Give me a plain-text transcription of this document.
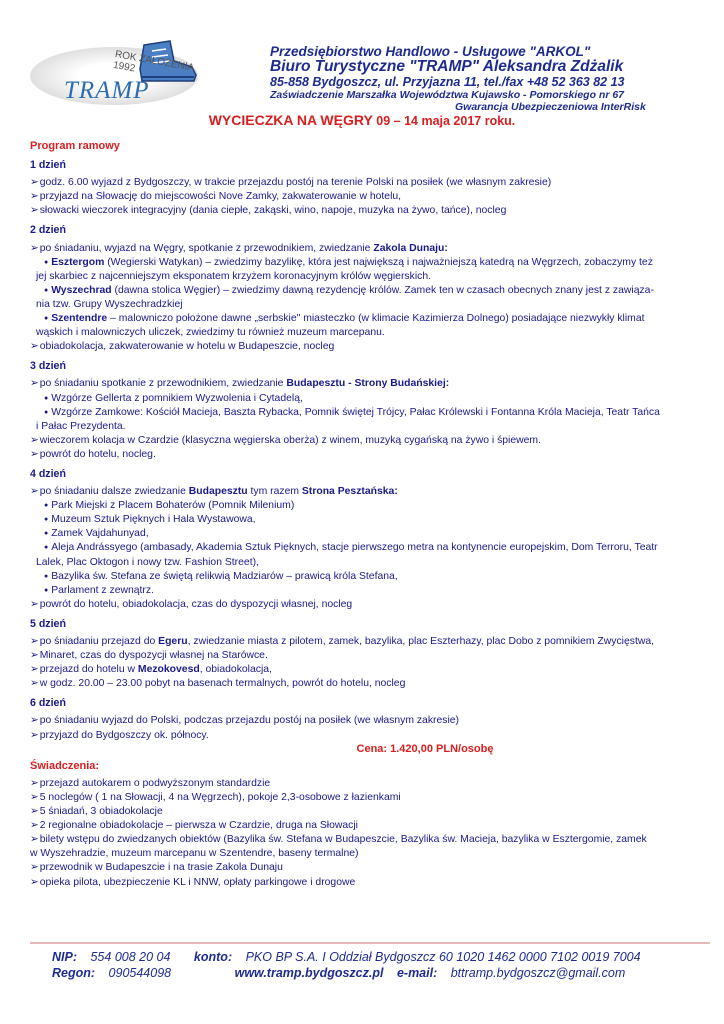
ROK ZAŁOŻENIA 1992
TRAMP
Przedsiębiorstwo Handlowo - Usługowe "ARKOL"
Biuro Turystyczne "TRAMP" Aleksandra Zdżalik
85-858 Bydgoszcz, ul. Przyjazna 11, tel./fax +48 52 363 82 13
Zaświadczenie Marszałka Województwa Kujawsko - Pomorskiego nr 67
Gwarancja Ubezpieczeniowa InterRisk
WYCIECZKA NA WĘGRY 09 – 14 maja 2017 roku.
Program ramowy
1 dzień
➢godz. 6.00 wyjazd z Bydgoszczy, w trakcie przejazdu postój na terenie Polski na posiłek (we własnym zakresie)
➢przyjazd na Słowację do miejscowości Nove Zamky, zakwaterowanie w hotelu,
➢słowacki wieczorek integracyjny (dania ciepłe, zakąski, wino, napoje, muzyka na żywo, tańce), nocleg
2 dzień
➢po śniadaniu, wyjazd na Węgry, spotkanie z przewodnikiem, zwiedzanie Zakola Dunaju:
● Esztergom (Wegierski Watykan) – zwiedzimy bazylikę, która jest największą i najważniejszą katedrą na Węgrzech, zobaczymy też
jej skarbiec z najcenniejszym eksponatem krzyżem koronacyjnym królów węgierskich.
● Wyszechrad (dawna stolica Węgier) – zwiedzimy dawną rezydencję królów. Zamek ten w czasach obecnych znany jest z zawiąza-
nia tzw. Grupy Wyszechradzkiej
● Szentendre – malowniczo położone dawne „serbskie" miasteczko (w klimacie Kazimierza Dolnego) posiadające niezwykły klimat
wąskich i malowniczych uliczek, zwiedzimy tu również muzeum marcepanu.
➢obiadokolacja, zakwaterowanie w hotelu w Budapeszcie, nocleg
3 dzień
➢po śniadaniu spotkanie z przewodnikiem, zwiedzanie Budapesztu - Strony Budańskiej:
● Wzgórze Gellerta z pomnikiem Wyzwolenia i Cytadelą,
● Wzgórze Zamkowe: Kościół Macieja, Baszta Rybacka, Pomnik świętej Trójcy, Pałac Królewski i Fontanna Króla Macieja, Teatr Tańca
i Pałac Prezydenta.
➢wieczorem kolacja w Czardzie (klasyczna węgierska oberża) z winem, muzyką cygańską na żywo i śpiewem.
➢powrót do hotelu, nocleg.
4 dzień
➢po śniadaniu dalsze zwiedzanie Budapesztu tym razem Strona Pesztańska:
● Park Miejski z Placem Bohaterów (Pomnik Milenium)
● Muzeum Sztuk Pięknych i Hala Wystawowa,
● Zamek Vajdahunyad,
● Aleja Andrássyego (ambasady, Akademia Sztuk Pięknych, stacje pierwszego metra na kontynencie europejskim, Dom Terroru, Teatr
Lalek, Plac Oktogon i nowy tzw. Fashion Street),
● Bazylika św. Stefana ze świętą relikwią Madziarów – prawicą króla Stefana,
● Parlament z zewnątrz.
➢powrót do hotelu, obiadokolacja, czas do dyspozycji własnej, nocleg
5 dzień
➢po śniadaniu przejazd do Egeru, zwiedzanie miasta z pilotem, zamek, bazylika, plac Eszterhazy, plac Dobo z pomnikiem Zwycięstwa,
➢Minaret, czas do dyspozycji własnej na Starówce.
➢przejazd do hotelu w Mezokovesd, obiadokolacja,
➢w godz. 20.00 – 23.00 pobyt na basenach termalnych, powrót do hotelu, nocleg
6 dzień
➢po śniadaniu wyjazd do Polski, podczas przejazdu postój na posiłek (we własnym zakresie)
➢przyjazd do Bydgoszczy ok. północy.
Cena: 1.420,00 PLN/osobę
Świadczenia:
➢przejazd autokarem o podwyższonym standardzie
➢5 noclegów ( 1 na Słowacji, 4 na Węgrzech), pokoje 2,3-osobowe z łazienkami
➢5 śniadań, 3 obiadokolacje
➢2 regionalne obiadokolacje – pierwsza w Czardzie, druga na Słowacji
➢bilety wstępu do zwiedzanych obiektów (Bazylika św. Stefana w Budapeszcie, Bazylika św. Macieja, bazylika w Esztergomie, zamek
w Wyszehradzie, muzeum marcepanu w Szentendre, baseny termalne)
➢przewodnik w Budapeszcie i na trasie Zakola Dunaju
➢opieka pilota, ubezpieczenie KL i NNW, opłaty parkingowe i drogowe
NIP: 554 008 20 04 konto: PKO BP S.A. I Oddział Bydgoszcz 60 1020 1462 0000 7102 0019 7004
Regon: 090544098	www.tramp.bydgoszcz.pl e-mail: bttramp.bydgoszcz@gmail.com
